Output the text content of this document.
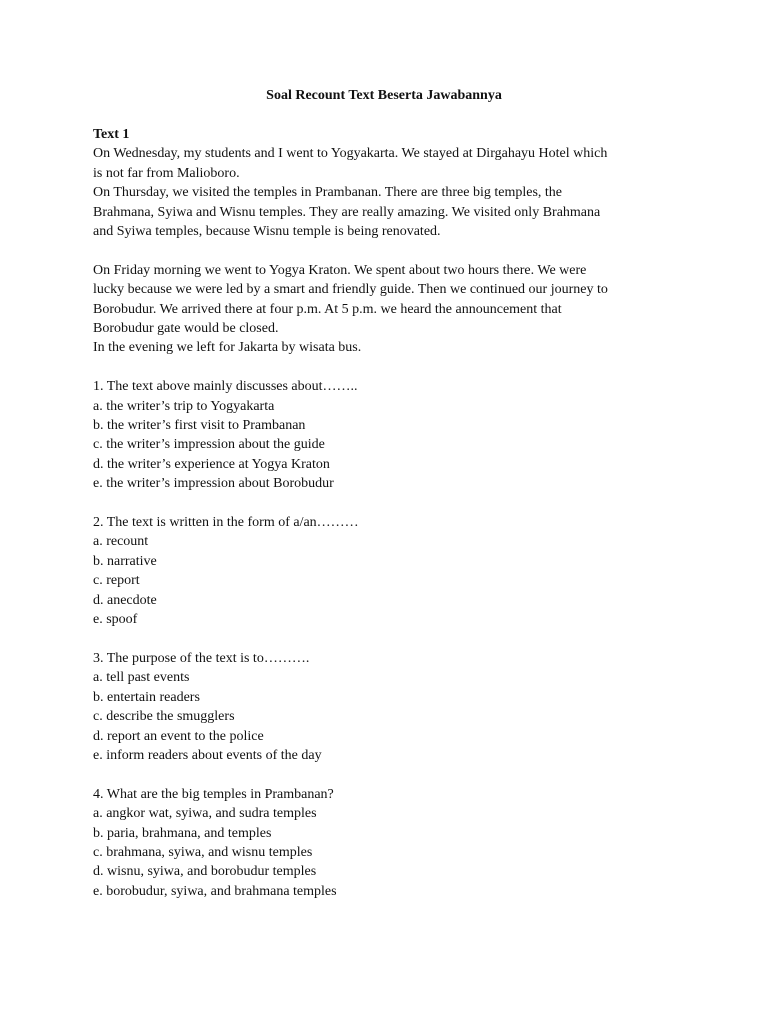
Soal Recount Text Beserta Jawabannya
Text 1
On Wednesday, my students and I went to Yogyakarta. We stayed at Dirgahayu Hotel which
is not far from Malioboro.
On Thursday, we visited the temples in Prambanan. There are three big temples, the
Brahmana, Syiwa and Wisnu temples. They are really amazing. We visited only Brahmana
and Syiwa temples, because Wisnu temple is being renovated.
On Friday morning we went to Yogya Kraton. We spent about two hours there. We were
lucky because we were led by a smart and friendly guide. Then we continued our journey to
Borobudur. We arrived there at four p.m. At 5 p.m. we heard the announcement that
Borobudur gate would be closed.
In the evening we left for Jakarta by wisata bus.
1. The text above mainly discusses about……..
a. the writer’s trip to Yogyakarta
b. the writer’s first visit to Prambanan
c. the writer’s impression about the guide
d. the writer’s experience at Yogya Kraton
e. the writer’s impression about Borobudur
2. The text is written in the form of a/an………
a. recount
b. narrative
c. report
d. anecdote
e. spoof
3. The purpose of the text is to……….
a. tell past events
b. entertain readers
c. describe the smugglers
d. report an event to the police
e. inform readers about events of the day
4. What are the big temples in Prambanan?
a. angkor wat, syiwa, and sudra temples
b. paria, brahmana, and temples
c. brahmana, syiwa, and wisnu temples
d. wisnu, syiwa, and borobudur temples
e. borobudur, syiwa, and brahmana temples
